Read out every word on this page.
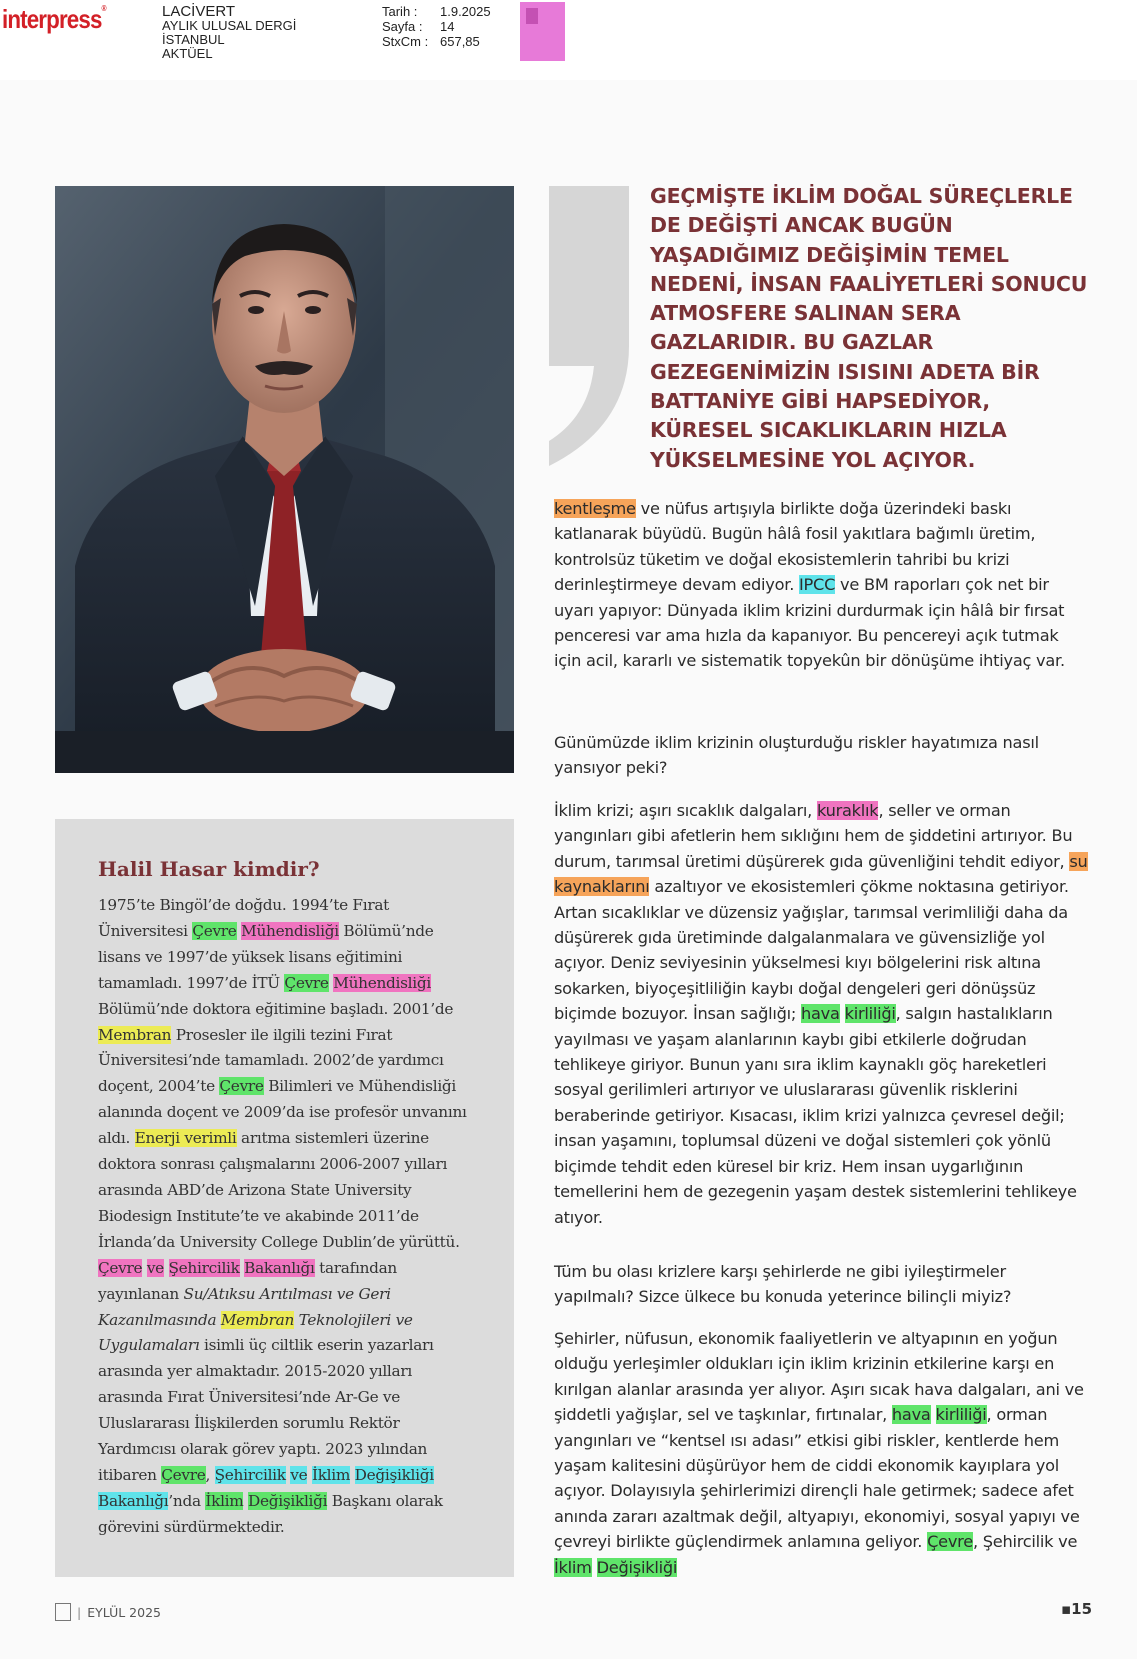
interpress®	LACİVERT
AYLIK ULUSAL DERGİ
İSTANBUL
AKTÜEL
Tarih :	1.9.2025
Sayfa :	14
StxCm : 657,85
GEÇMİŞTE İKLİM DOĞAL SÜREÇLERLE DE DEĞİŞTİ ANCAK BUGÜN YAŞADIĞIMIZ DEĞİŞİMİN TEMEL NEDENİ, İNSAN FAALİYETLERİ SONUCU ATMOSFERE SALINAN SERA GAZLARIDIR. BU GAZLAR GEZEGENİMİZİN ISISINI ADETA BİR BATTANİYE GİBİ HAPSEDİYOR, KÜRESEL SICAKLIKLARIN HIZLA YÜKSELMESİNE YOL AÇIYOR.

kentleşme ve nüfus artışıyla birlikte doğa üzerindeki baskı katlanarak büyüdü. Bugün hâlâ fosil yakıtlara bağımlı üretim, kontrolsüz tüketim ve doğal ekosistemlerin tahribi bu krizi derinleştirmeye devam ediyor. IPCC ve BM raporları çok net bir uyarı yapıyor: Dünyada iklim krizini durdurmak için hâlâ bir fırsat penceresi var ama hızla da kapanıyor. Bu pencereyi açık tutmak için acil, kararlı ve sistematik topyekûn bir dönüşüme ihtiyaç var.

Günümüzde iklim krizinin oluşturduğu riskler hayatımıza nasıl yansıyor peki?

İklim krizi; aşırı sıcaklık dalgaları, kuraklık, seller ve orman yangınları gibi afetlerin hem sıklığını hem de şiddetini artırıyor. Bu durum, tarımsal üretimi düşürerek gıda güvenliğini tehdit ediyor, su kaynaklarını azaltıyor ve ekosistemleri çökme noktasına getiriyor. Artan sıcaklıklar ve düzensiz yağışlar, tarımsal verimliliği daha da düşürerek gıda üretiminde dalgalanmalara ve güvensizliğe yol açıyor. Deniz seviyesinin yükselmesi kıyı bölgelerini risk altına sokarken, biyoçeşitliliğin kaybı doğal dengeleri geri dönüşsüz biçimde bozuyor. İnsan sağlığı; hava kirliliği, salgın hastalıkların yayılması ve yaşam alanlarının kaybı gibi etkilerle doğrudan tehlikeye giriyor. Bunun yanı sıra iklim kaynaklı göç hareketleri sosyal gerilimleri artırıyor ve uluslararası güvenlik risklerini beraberinde getiriyor. Kısacası, iklim krizi yalnızca çevresel değil; insan yaşamını, toplumsal düzeni ve doğal sistemleri çok yönlü biçimde tehdit eden küresel bir kriz. Hem insan uygarlığının temellerini hem de gezegenin yaşam destek sistemlerini tehlikeye atıyor.

Tüm bu olası krizlere karşı şehirlerde ne gibi iyileştirmeler yapılmalı? Sizce ülkece bu konuda yeterince bilinçli miyiz?

Şehirler, nüfusun, ekonomik faaliyetlerin ve altyapının en yoğun olduğu yerleşimler oldukları için iklim krizinin etkilerine karşı en kırılgan alanlar arasında yer alıyor. Aşırı sıcak hava dalgaları, ani ve şiddetli yağışlar, sel ve taşkınlar, fırtınalar, hava kirliliği, orman yangınları ve “kentsel ısı adası” etkisi gibi riskler, kentlerde hem yaşam kalitesini düşürüyor hem de ciddi ekonomik kayıplara yol açıyor. Dolayısıyla şehirlerimizi dirençli hale getirmek; sadece afet anında zararı azaltmak değil, altyapıyı, ekonomiyi, sosyal yapıyı ve çevreyi birlikte güçlendirmek anlamına geliyor. Çevre, Şehircilik ve İklim Değişikliği

Halil Hasar kimdir?

1975’te Bingöl’de doğdu. 1994’te Fırat Üniversitesi Çevre Mühendisliği Bölümü’nde lisans ve 1997’de yüksek lisans eğitimini tamamladı. 1997’de İTÜ Çevre Mühendisliği Bölümü’nde doktora eğitimine başladı. 2001’de Membran Prosesler ile ilgili tezini Fırat Üniversitesi’nde tamamladı. 2002’de yardımcı doçent, 2004’te Çevre Bilimleri ve Mühendisliği alanında doçent ve 2009’da ise profesör unvanını aldı. Enerji verimli arıtma sistemleri üzerine doktora sonrası çalışmalarını 2006-2007 yılları arasında ABD’de Arizona State University Biodesign Institute’te ve akabinde 2011’de İrlanda’da University College Dublin’de yürüttü. Çevre ve Şehircilik Bakanlığı tarafından yayınlanan Su/Atıksu Arıtılması ve Geri Kazanılmasında Membran Teknolojileri ve Uygulamaları isimli üç ciltlik eserin yazarları arasında yer almaktadır. 2015-2020 yılları arasında Fırat Üniversitesi’nde Ar-Ge ve Uluslararası İlişkilerden sorumlu Rektör Yardımcısı olarak görev yaptı. 2023 yılından itibaren Çevre, Şehircilik ve İklim Değişikliği Bakanlığı’nda İklim Değişikliği Başkanı olarak görevini sürdürmektedir.

| EYLÜL 2025	▪15
